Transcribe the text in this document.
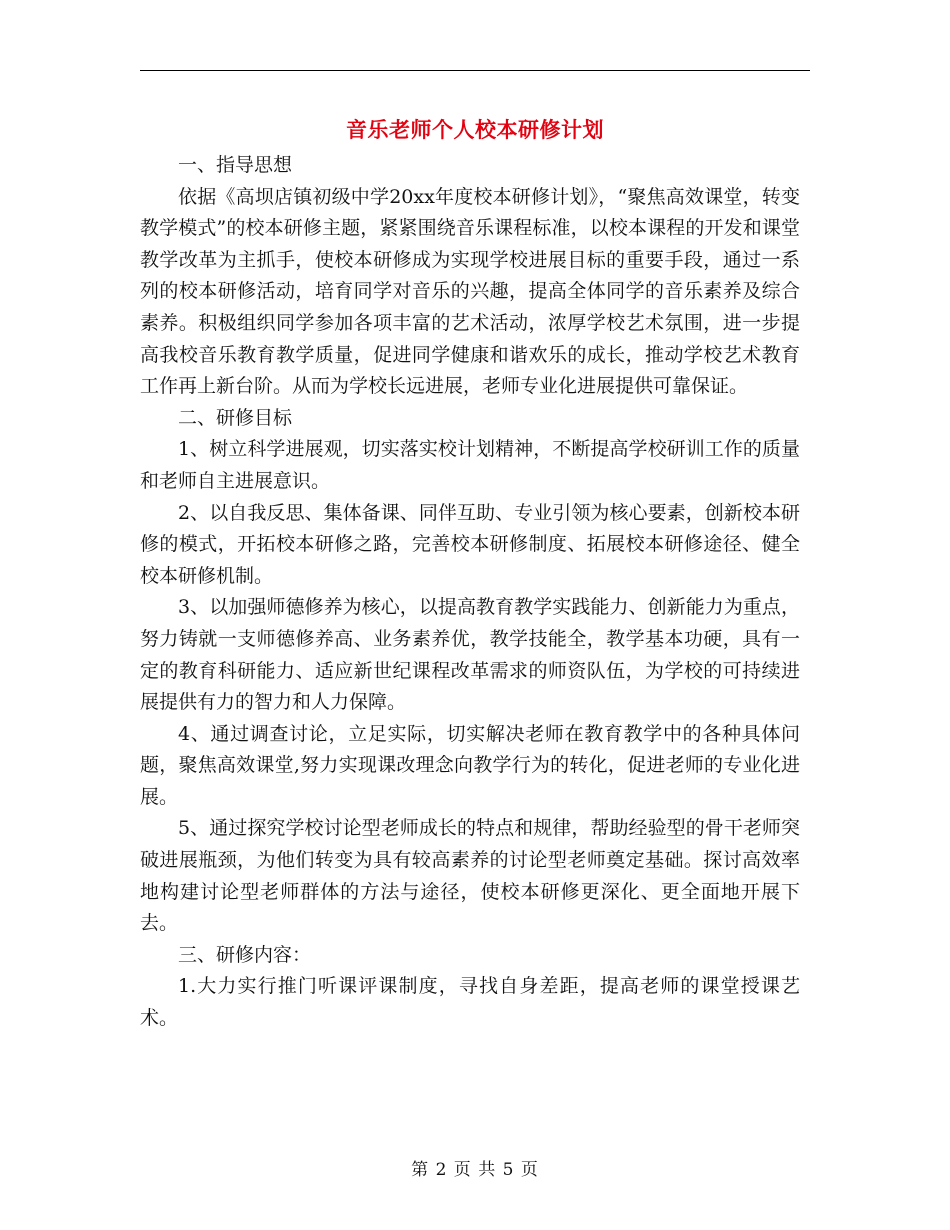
音乐老师个人校本研修计划

一、指导思想

依据《高坝店镇初级中学20xx年度校本研修计划》，“聚焦高效课堂，转变教学模式”的校本研修主题，紧紧围绕音乐课程标准，以校本课程的开发和课堂教学改革为主抓手，使校本研修成为实现学校进展目标的重要手段，通过一系列的校本研修活动，培育同学对音乐的兴趣，提高全体同学的音乐素养及综合素养。积极组织同学参加各项丰富的艺术活动，浓厚学校艺术氛围，进一步提高我校音乐教育教学质量，促进同学健康和谐欢乐的成长，推动学校艺术教育工作再上新台阶。从而为学校长远进展，老师专业化进展提供可靠保证。

二、研修目标

1、树立科学进展观，切实落实校计划精神，不断提高学校研训工作的质量和老师自主进展意识。

2、以自我反思、集体备课、同伴互助、专业引领为核心要素，创新校本研修的模式，开拓校本研修之路，完善校本研修制度、拓展校本研修途径、健全校本研修机制。

3、以加强师德修养为核心，以提高教育教学实践能力、创新能力为重点，努力铸就一支师德修养高、业务素养优，教学技能全，教学基本功硬，具有一定的教育科研能力、适应新世纪课程改革需求的师资队伍，为学校的可持续进展提供有力的智力和人力保障。

4、通过调查讨论，立足实际，切实解决老师在教育教学中的各种具体问题，聚焦高效课堂,努力实现课改理念向教学行为的转化，促进老师的专业化进展。

5、通过探究学校讨论型老师成长的特点和规律，帮助经验型的骨干老师突破进展瓶颈，为他们转变为具有较高素养的讨论型老师奠定基础。探讨高效率地构建讨论型老师群体的方法与途径，使校本研修更深化、更全面地开展下去。

三、研修内容：

1.大力实行推门听课评课制度，寻找自身差距，提高老师的课堂授课艺术。

第 2 页 共 5 页
